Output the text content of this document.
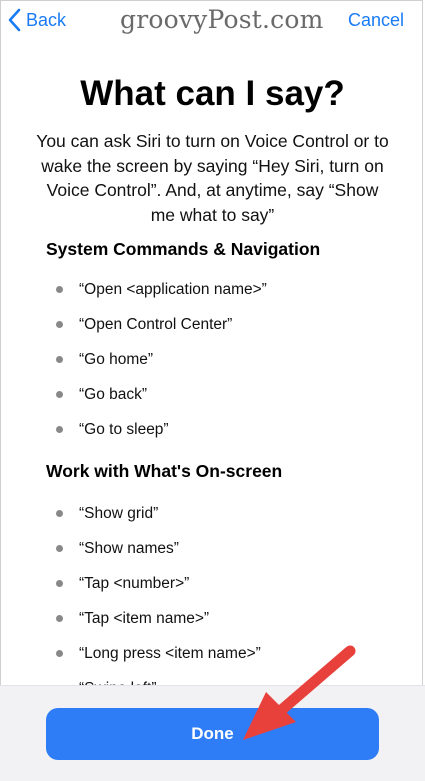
Back groovyPost.com Cancel
What can I say?

You can ask Siri to turn on Voice Control or to wake the screen by saying “Hey Siri, turn on Voice Control”. And, at anytime, say “Show me what to say”

System Commands & Navigation
“Open <application name>”
“Open Control Center”
“Go home”
“Go back”
“Go to sleep”
Work with What's On-screen
“Show grid”
“Show names”
“Tap <number>”
“Tap <item name>”
“Long press <item name>”
Done
